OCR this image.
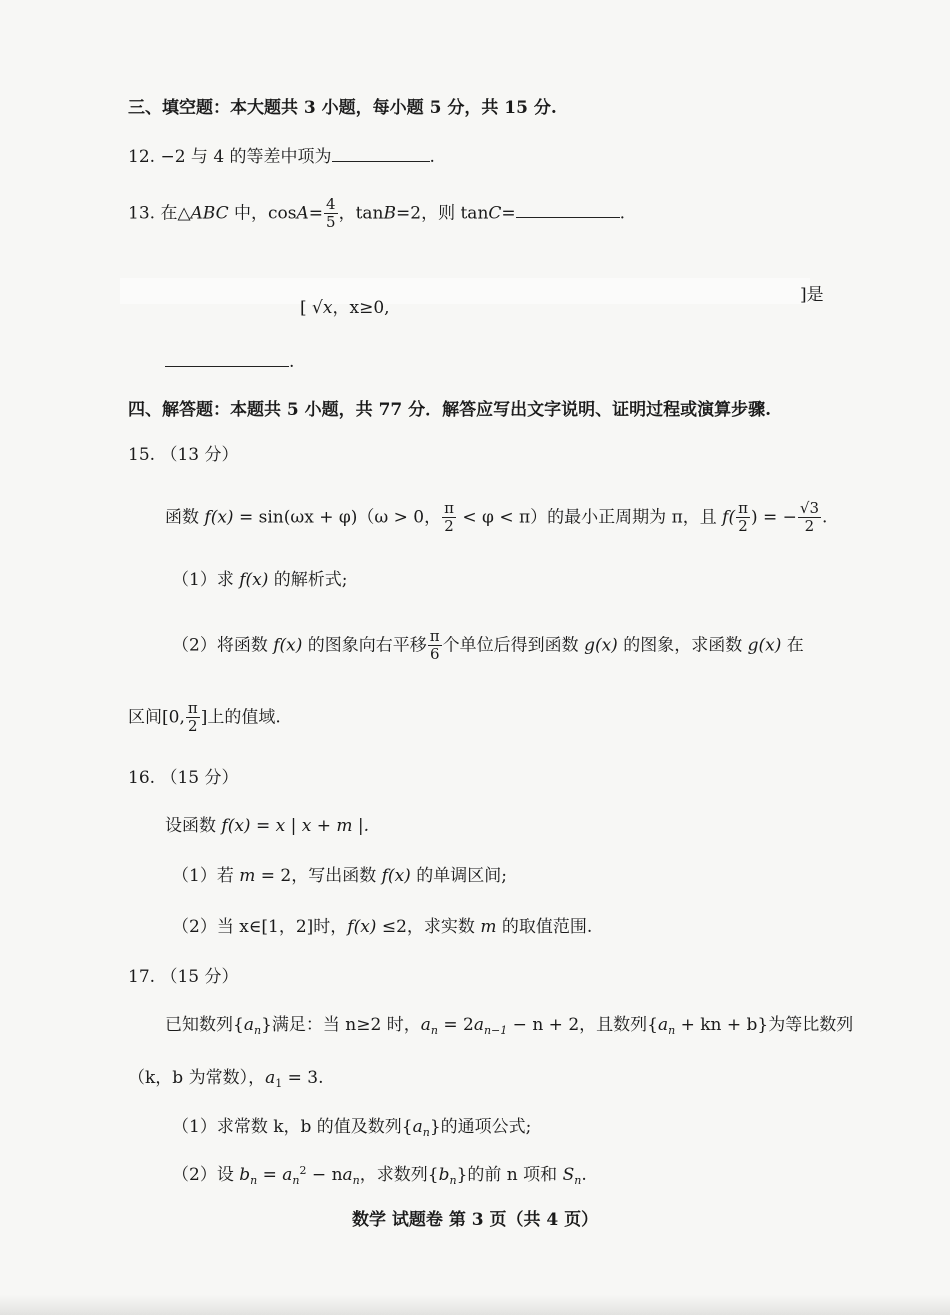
三、填空题：本大题共 3 小题，每小题 5 分，共 15 分.
12. −2 与 4 的等差中项为	.
13. 在△ABC 中，$\cos A= \frac{4}{5}$ ，tanB=2，则 tanC=	.
[ √x，x≥0,
]是
.
四、解答题：本题共 5 小题，共 77 分．解答应写出文字说明、证明过程或演算步骤.
15. （13 分）
函数 f(x) = sin(ωx + φ)（ω > 0， $\frac{\pi}{2} < \varphi < \pi$）的最小正周期为 π，且 $f( \frac{\pi}{2}$ ) = − $\frac{√3}{2}$ .
（1）求 f(x) 的解析式;
（2）将函数 f(x) 的图象向右平移 $\frac{\pi}{6}$ 个单位后得到函数 g(x) 的图象，求函数 g(x) 在
区间[0, $\frac{\pi}{2}$ ]上的值域.
16. （15 分）
设函数 f(x) = x | x + m |.
（1）若 m = 2，写出函数 f(x) 的单调区间;
（2）当 x∈[1，2]时，f(x) ≤2，求实数 m 的取值范围.
17. （15 分）
已知数列$\{a_n\}$满足：当 n≥2 时，$a_n = 2a_{n-1} - n + 2$，且数列{$a_n$ + kn + b}为等比数列
（k，b 为常数），$a_1 = 3$.
（1）求常数 k，b 的值及数列$\{a_n\}$的通项公式;
（2）设 $b_n = a_n^2 - na_n$，求数列$\{b_n\}$的前 n 项和 $S_n$.
数学 试题卷 第 3 页（共 4 页）
